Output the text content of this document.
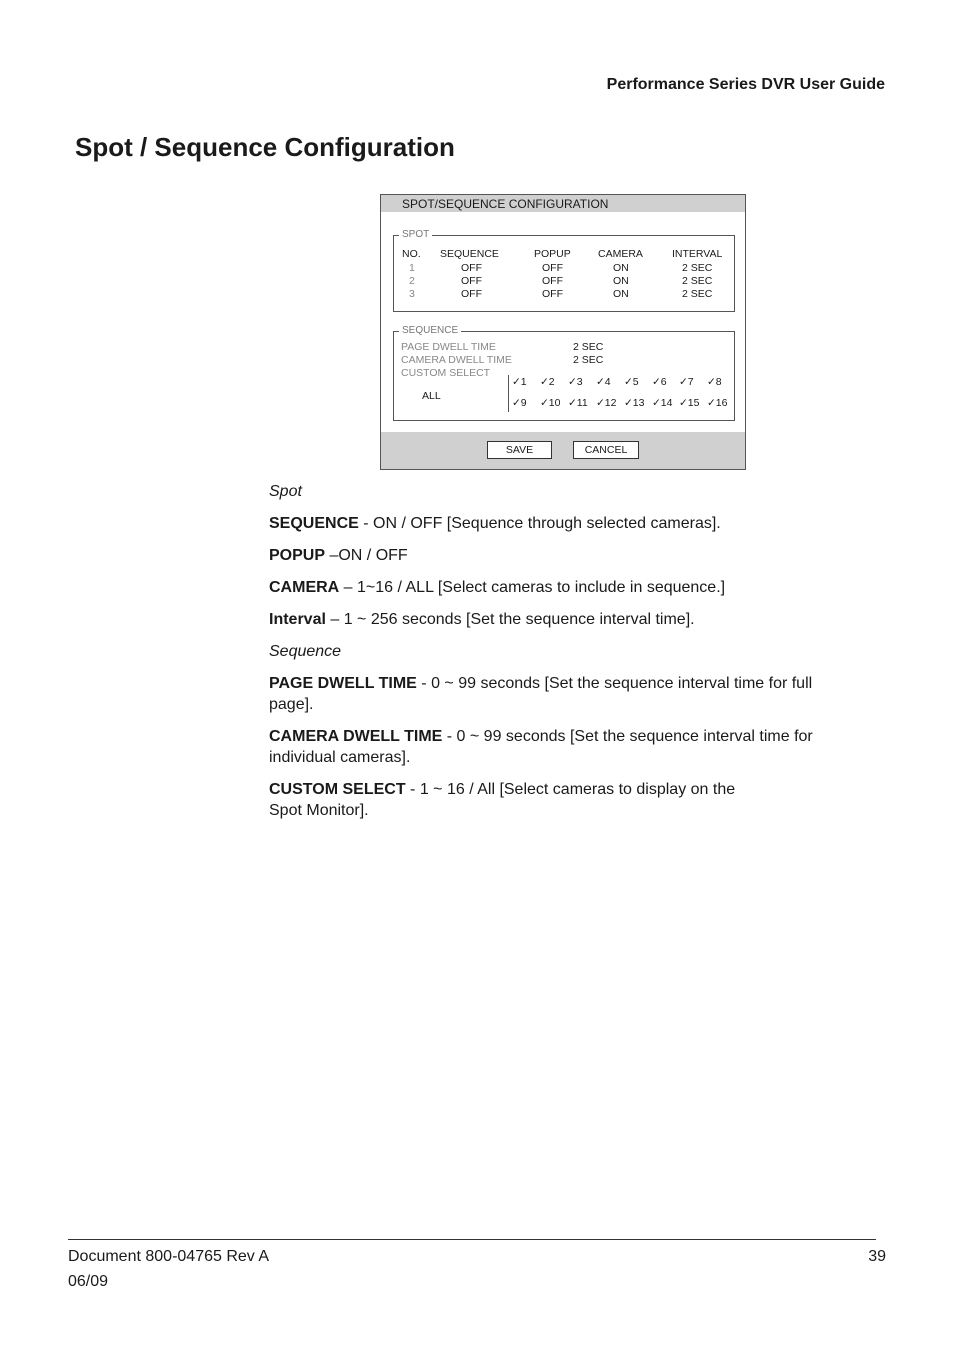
Performance Series DVR User Guide
Spot / Sequence Configuration
SPOT/SEQUENCE CONFIGURATION
SPOT
NO. SEQUENCE	POPUP	CAMERA	INTERVAL
1	OFF	OFF	ON	2 SEC
2	OFF	OFF	ON	2 SEC
3	OFF	OFF	ON	2 SEC
SEQUENCE
PAGE DWELL TIME	2 SEC
CAMERA DWELL TIME	2 SEC
CUSTOM SELECT
ALL
✓1 ✓2 ✓3 ✓4 ✓5 ✓6 ✓7 ✓8
✓9 ✓10 ✓11 ✓12 ✓13 ✓14 ✓15 ✓16
SAVE	CANCEL
Spot
SEQUENCE - ON / OFF [Sequence through selected cameras].
POPUP –ON / OFF
CAMERA – 1~16 / ALL [Select cameras to include in sequence.]
Interval – 1 ~ 256 seconds [Set the sequence interval time].
Sequence
PAGE DWELL TIME - 0 ~ 99 seconds [Set the sequence interval time for full page].
CAMERA DWELL TIME - 0 ~ 99 seconds [Set the sequence interval time for individual cameras].
CUSTOM SELECT - 1 ~ 16 / All [Select cameras to display on the
Spot Monitor].
Document 800-04765 Rev A
06/09
39
